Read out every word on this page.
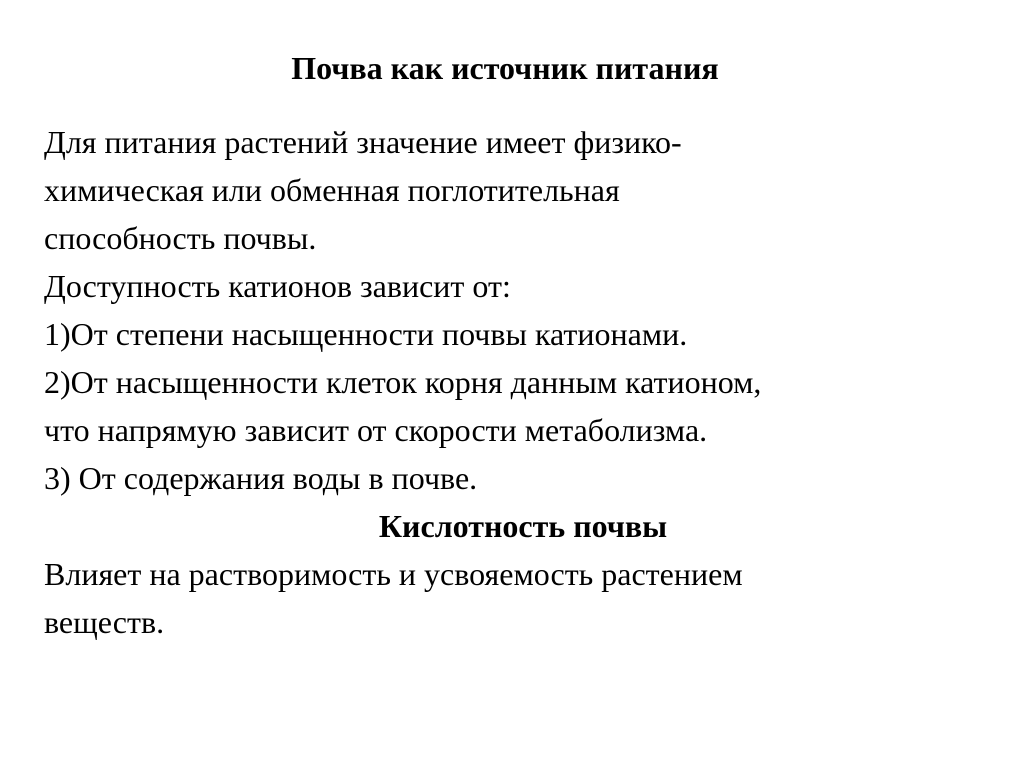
Почва как источник питания
Для питания растений значение имеет физико-
химическая или обменная поглотительная
способность почвы.
Доступность катионов зависит от:
1)От степени насыщенности почвы катионами.
2)От насыщенности клеток корня данным катионом,
что напрямую зависит от скорости метаболизма.
3) От содержания воды в почве.
Кислотность почвы
Влияет на растворимость и усвояемость растением
веществ.
